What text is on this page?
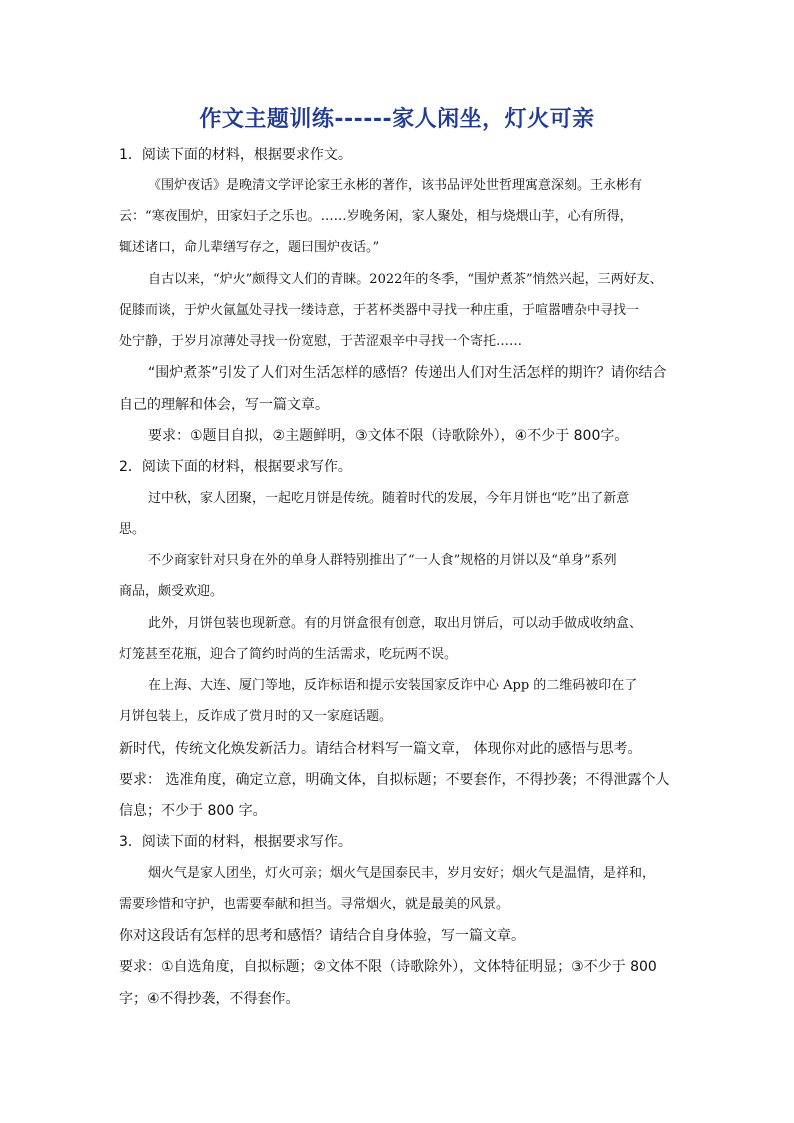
作文主题训练------家人闲坐，灯火可亲
1．阅读下面的材料，根据要求作文。
《围炉夜话》是晚清文学评论家王永彬的著作，该书品评处世哲理寓意深刻。王永彬有
云：“寒夜围炉，田家妇子之乐也。……岁晚务闲，家人聚处，相与烧煨山芋，心有所得，
辄述诸口，命儿辈缮写存之，题曰围炉夜话。”
自古以来，“炉火”颇得文人们的青睐。2022年的冬季，“围炉煮茶”悄然兴起，三两好友、
促膝而谈，于炉火氤氲处寻找一缕诗意，于茗杯类器中寻找一种庄重，于喧嚣嘈杂中寻找一
处宁静，于岁月凉薄处寻找一份宽慰，于苦涩艰辛中寻找一个寄托……
“围炉煮茶”引发了人们对生活怎样的感悟？传递出人们对生活怎样的期许？请你结合
自己的理解和体会，写一篇文章。
要求：①题目自拟，②主题鲜明，③文体不限（诗歌除外），④不少于 800字。
2．阅读下面的材料，根据要求写作。
过中秋，家人团聚，一起吃月饼是传统。随着时代的发展，今年月饼也“吃”出了新意
思。
不少商家针对只身在外的单身人群特别推出了“一人食”规格的月饼以及“单身”系列
商品，颇受欢迎。
此外，月饼包装也现新意。有的月饼盒很有创意，取出月饼后，可以动手做成收纳盒、
灯笼甚至花瓶，迎合了简约时尚的生活需求，吃玩两不误。
在上海、大连、厦门等地，反诈标语和提示安装国家反诈中心 App 的二维码被印在了
月饼包装上，反诈成了赏月时的又一家庭话题。
新时代，传统文化焕发新活力。请结合材料写一篇文章， 体现你对此的感悟与思考。
要求： 选准角度，确定立意，明确文体，自拟标题；不要套作，不得抄袭；不得泄露个人
信息；不少于 800 字。
3．阅读下面的材料，根据要求写作。
烟火气是家人团坐，灯火可亲；烟火气是国泰民丰，岁月安好；烟火气是温情，是祥和，
需要珍惜和守护，也需要奉献和担当。寻常烟火，就是最美的风景。
你对这段话有怎样的思考和感悟？请结合自身体验，写一篇文章。
要求：①自选角度，自拟标题；②文体不限（诗歌除外），文体特征明显；③不少于 800
字；④不得抄袭，不得套作。
